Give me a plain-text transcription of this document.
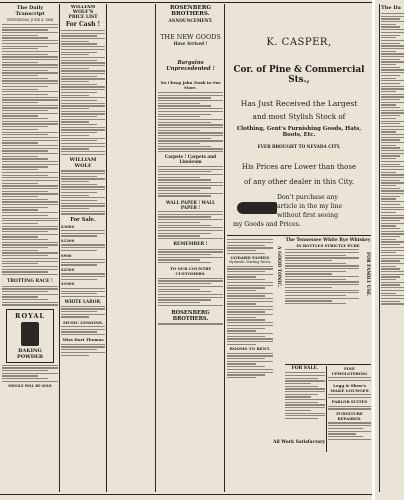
The Daily Transcript
WEDNESDAY, JUNE 4, 1884
TROTTING RACE !
ROYAL
BAKING
POWDER
MINGLE WILL BE SOLD
WILLIAM WOLF'S
PRICE LIST
For Cash !
WILLIAM WOLF
For Sale.
$3000
$1200
$900
$2500
$1000
WHITE LABOR.
MUSIC LESSONS.
Miss Hart Thomas
ROSENBERG BROTHERS.
ANNOUNCEMENT.
THE NEW GOODS
Have Arrived !
Bargains Unprecedented !
No Cheap John Trash in Our Store.
Carpets ! Carpets and Linoleum
WALL PAPER ! WALL PAPER !
REMEMBER !
TO OUR COUNTRY CUSTOMERS.
ROSENBERG BROTHERS.
K. CASPER,
Cor. of Pine & Commercial Sts.,
Has Just Received the Largest
and most Stylish Stock of
Clothing, Gent's Furnishing Goods, Hats, Boots, Etc.
EVER BROUGHT TO NEVADA CITY.
His Prices are Lower than those
of any other dealer in this City.
Don't purchase any
article in the my line
without first seeing
my Goods and Prices.
GODARD FAMILY
Hydraulic Starting Parlor,
ROOMS TO RENT.
A GOOD TONIC.
The Tennessee White Rye Whiskey
IN BOTTLES STRICTLY PURE
FOR FAMILY USE.
FOR SALE.	FINE UPHOLSTERING
Logg & Shaw's
MAKE LOUNGES
PARLOR SUITES
FURNITURE
REPAIRED.
All Work Satisfactory
The Da
